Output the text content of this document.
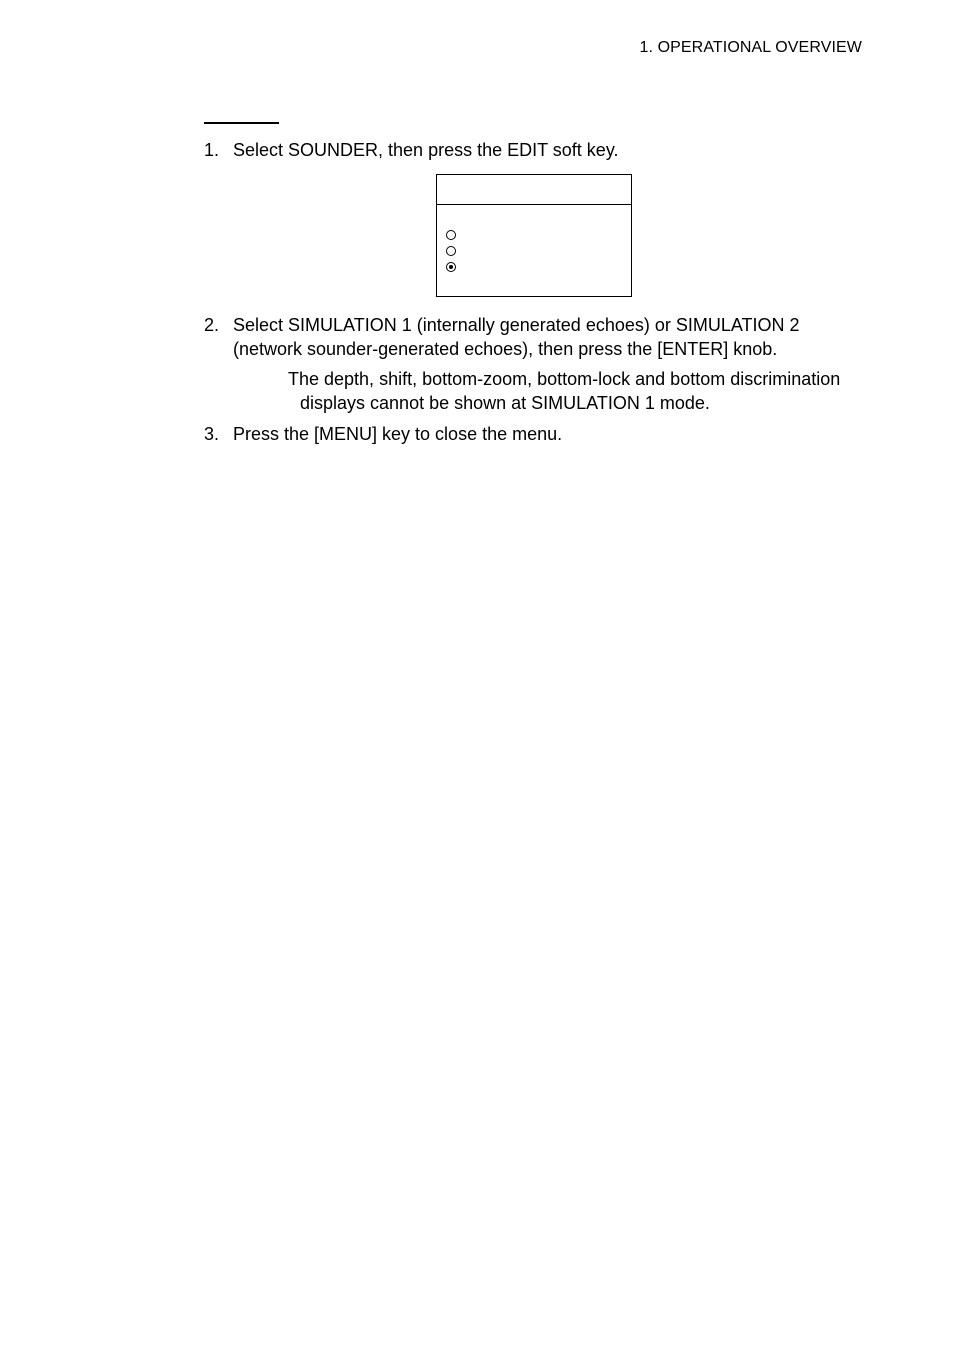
1. OPERATIONAL OVERVIEW
1. Select SOUNDER, then press the EDIT soft key.
2. Select SIMULATION 1 (internally generated echoes) or SIMULATION 2
(network sounder-generated echoes), then press the [ENTER] knob.
The depth, shift, bottom-zoom, bottom-lock and bottom discrimination
displays cannot be shown at SIMULATION 1 mode.
3. Press the [MENU] key to close the menu.
